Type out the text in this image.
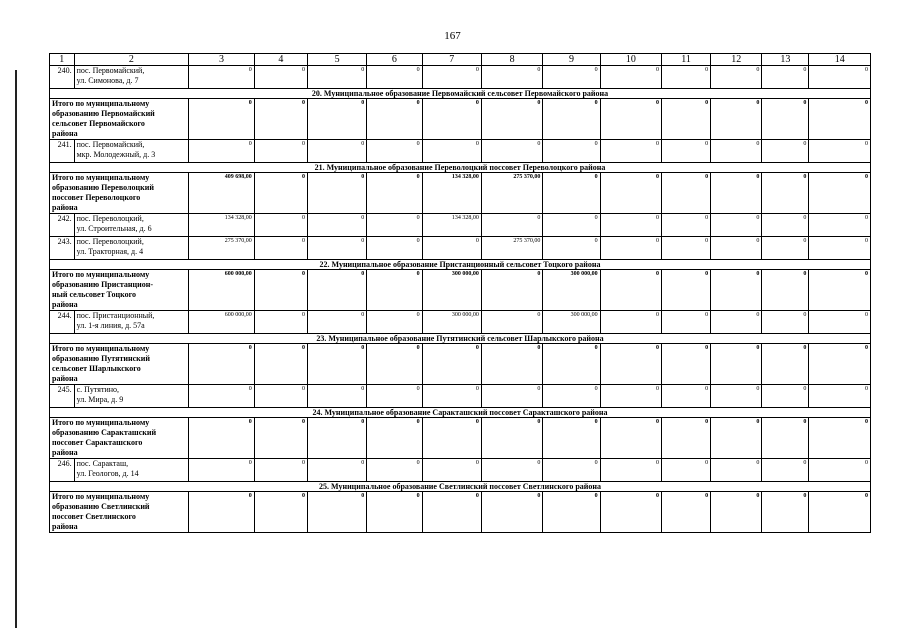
167
1	2	3	4	5	6	7	8	9	10	11	12	13	14
240.	пос. Первомайский,
ул. Симонова, д. 7	0	0	0	0	0	0	0	0	0	0	0	0
20. Муниципальное образование Первомайский сельсовет Первомайского района													

Итого по муниципальному
образованию Первомайский
сельсовет Первомайского
района		0	0	0	0	0	0	0	0	0	0	0	0
241.	пос. Первомайский,
мкр. Молодежный, д. 3	0	0	0	0	0	0	0	0	0	0	0	0
21. Муниципальное образование Переволоцкий поссовет Переволоцкого района													

Итого по муниципальному
образованию Переволоцкий
поссовет Переволоцкого
района		409 698,00	0	0	0	134 328,00	275 370,00	0	0	0	0	0	0
242.	пос. Переволоцкий,
ул. Строительная, д. 6	134 328,00	0	0	0	134 328,00	0	0	0	0	0	0	0
243.	пос. Переволоцкий,
ул. Тракторная, д. 4	275 370,00	0	0	0	0	275 370,00	0	0	0	0	0	0
22. Муниципальное образование Пристанционный сельсовет Тоцкого района													

Итого по муниципальному
образованию Пристанцион-
ный сельсовет Тоцкого
района		600 000,00	0	0	0	300 000,00	0	300 000,00	0	0	0	0	0
244.	пос. Пристанционный,
ул. 1-я линия, д. 57а	600 000,00	0	0	0	300 000,00	0	300 000,00	0	0	0	0	0
23. Муниципальное образование Путятинский сельсовет Шарлыкского района													

Итого по муниципальному
образованию Путятинский
сельсовет Шарлыкского
района		0	0	0	0	0	0	0	0	0	0	0	0
245.	с. Путятино,
ул. Мира, д. 9	0	0	0	0	0	0	0	0	0	0	0	0
24. Муниципальное образование Саракташский поссовет Саракташского района													

Итого по муниципальному
образованию Саракташский
поссовет Саракташского
района		0	0	0	0	0	0	0	0	0	0	0	0
246.	пос. Саракташ,
ул. Геологов, д. 14	0	0	0	0	0	0	0	0	0	0	0	0
25. Муниципальное образование Светлинский поссовет Светлинского района													

Итого по муниципальному
образованию Светлинский
поссовет Светлинского
района		0	0	0	0	0	0	0	0	0	0	0	0
